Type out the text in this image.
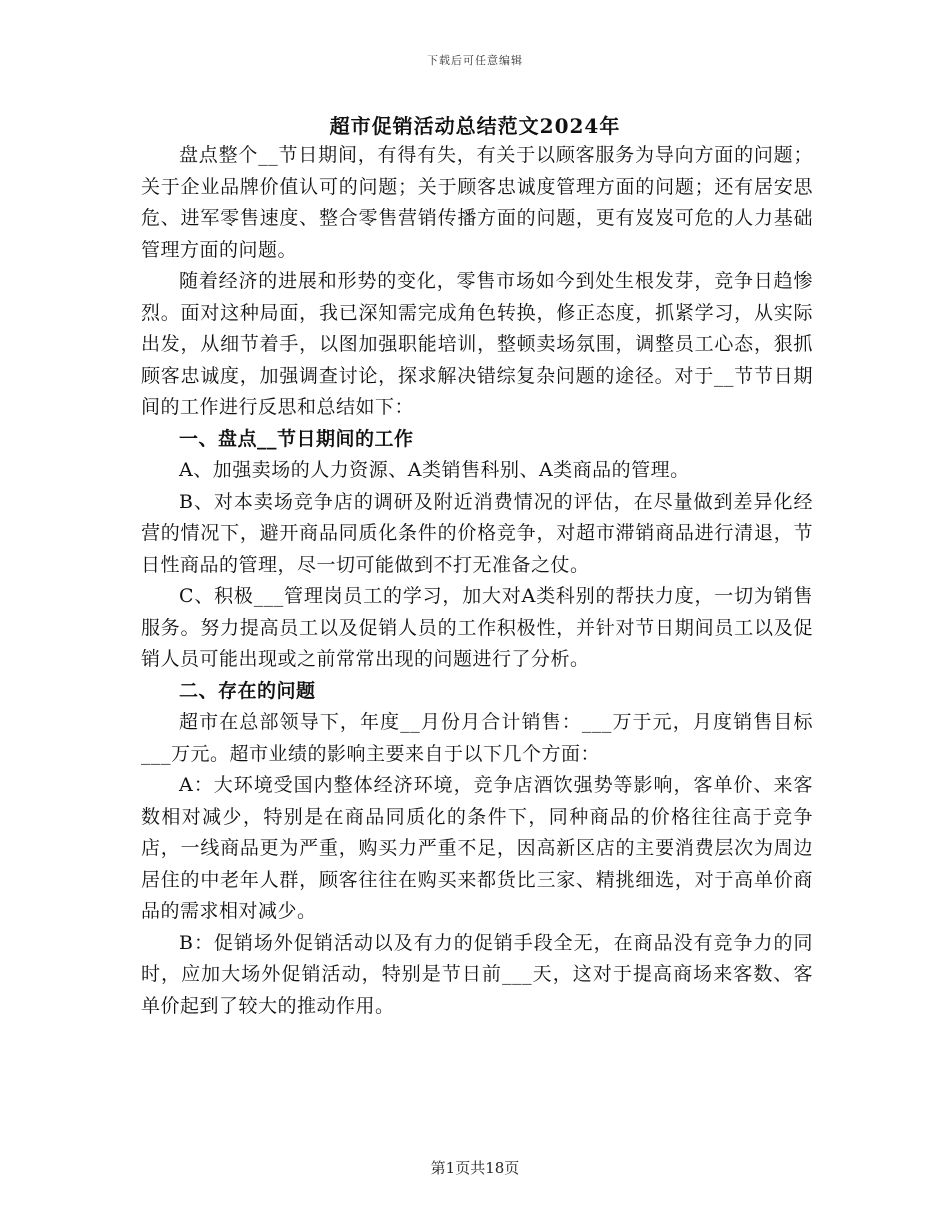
下载后可任意编辑
超市促销活动总结范文2024年

盘点整个__节日期间，有得有失，有关于以顾客服务为导向方面的问题；关于企业品牌价值认可的问题；关于顾客忠诚度管理方面的问题；还有居安思危、进军零售速度、整合零售营销传播方面的问题，更有岌岌可危的人力基础管理方面的问题。

随着经济的进展和形势的变化，零售市场如今到处生根发芽，竞争日趋惨烈。面对这种局面，我已深知需完成角色转换，修正态度，抓紧学习，从实际出发，从细节着手，以图加强职能培训，整顿卖场氛围，调整员工心态，狠抓顾客忠诚度，加强调查讨论，探求解决错综复杂问题的途径。对于__节节日期间的工作进行反思和总结如下：

一、盘点__节日期间的工作

A、加强卖场的人力资源、A类销售科别、A类商品的管理。

B、对本卖场竞争店的调研及附近消费情况的评估，在尽量做到差异化经营的情况下，避开商品同质化条件的价格竞争，对超市滞销商品进行清退，节日性商品的管理，尽一切可能做到不打无准备之仗。

C、积极___管理岗员工的学习，加大对A类科别的帮扶力度，一切为销售服务。努力提高员工以及促销人员的工作积极性，并针对节日期间员工以及促销人员可能出现或之前常常出现的问题进行了分析。

二、存在的问题

超市在总部领导下，年度__月份月合计销售：___万于元，月度销售目标___万元。超市业绩的影响主要来自于以下几个方面：

A：大环境受国内整体经济环境，竞争店酒饮强势等影响，客单价、来客数相对减少，特别是在商品同质化的条件下，同种商品的价格往往高于竞争店，一线商品更为严重，购买力严重不足，因高新区店的主要消费层次为周边居住的中老年人群，顾客往往在购买来都货比三家、精挑细选，对于高单价商品的需求相对减少。

B：促销场外促销活动以及有力的促销手段全无，在商品没有竞争力的同时，应加大场外促销活动，特别是节日前___天，这对于提高商场来客数、客单价起到了较大的推动作用。

第1页共18页
